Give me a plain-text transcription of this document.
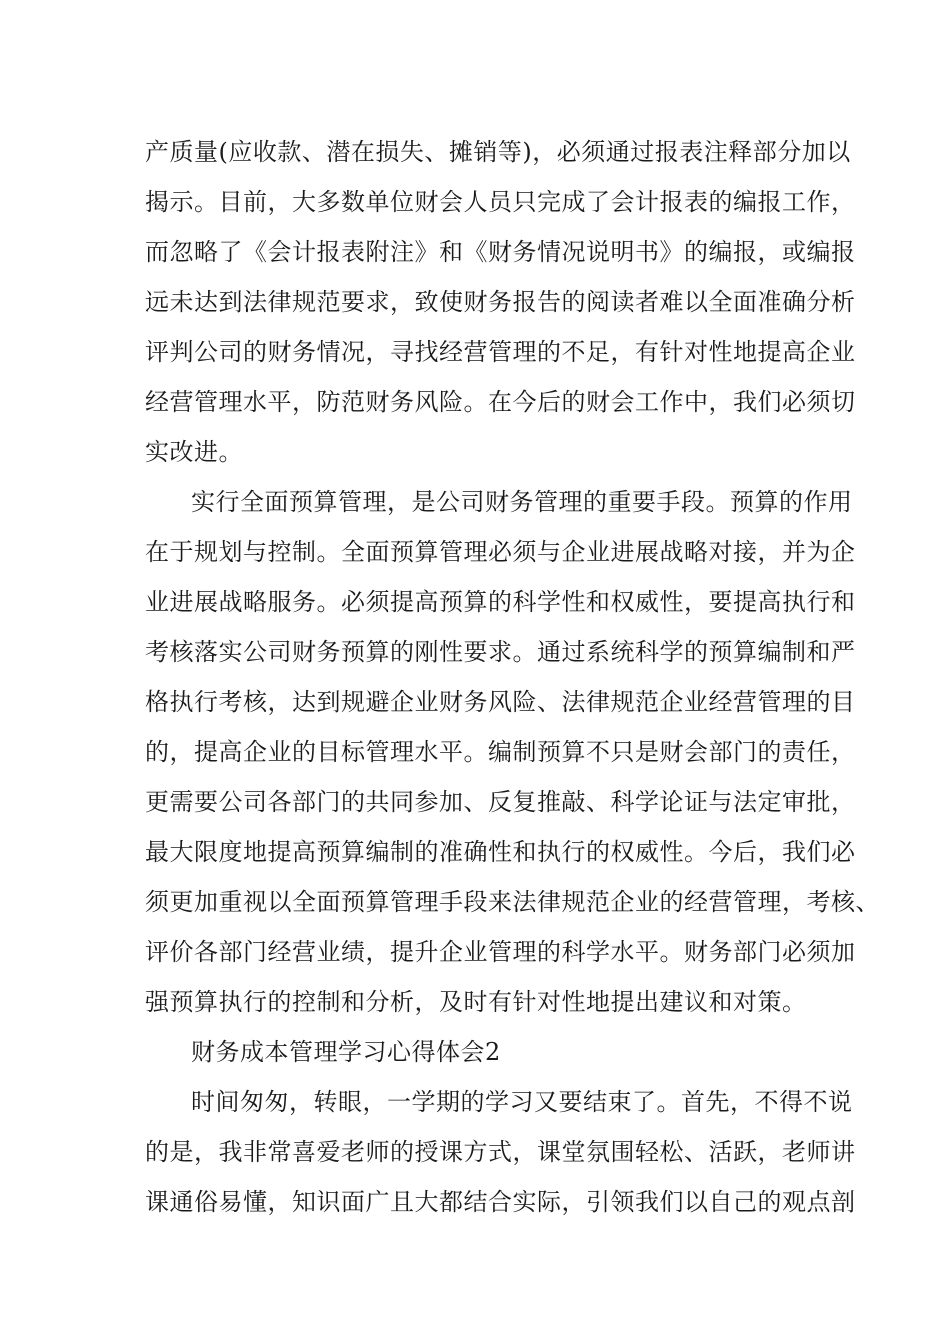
产质量(应收款、潜在损失、摊销等)，必须通过报表注释部分加以
揭示。目前，大多数单位财会人员只完成了会计报表的编报工作，
而忽略了《会计报表附注》和《财务情况说明书》的编报，或编报
远未达到法律规范要求，致使财务报告的阅读者难以全面准确分析
评判公司的财务情况，寻找经营管理的不足，有针对性地提高企业
经营管理水平，防范财务风险。在今后的财会工作中，我们必须切
实改进。
实行全面预算管理，是公司财务管理的重要手段。预算的作用
在于规划与控制。全面预算管理必须与企业进展战略对接，并为企
业进展战略服务。必须提高预算的科学性和权威性，要提高执行和
考核落实公司财务预算的刚性要求。通过系统科学的预算编制和严
格执行考核，达到规避企业财务风险、法律规范企业经营管理的目
的，提高企业的目标管理水平。编制预算不只是财会部门的责任，
更需要公司各部门的共同参加、反复推敲、科学论证与法定审批，
最大限度地提高预算编制的准确性和执行的权威性。今后，我们必
须更加重视以全面预算管理手段来法律规范企业的经营管理，考核、
评价各部门经营业绩，提升企业管理的科学水平。财务部门必须加
强预算执行的控制和分析，及时有针对性地提出建议和对策。
财务成本管理学习心得体会2
时间匆匆，转眼，一学期的学习又要结束了。首先，不得不说
的是，我非常喜爱老师的授课方式，课堂氛围轻松、活跃，老师讲
课通俗易懂，知识面广且大都结合实际，引领我们以自己的观点剖
